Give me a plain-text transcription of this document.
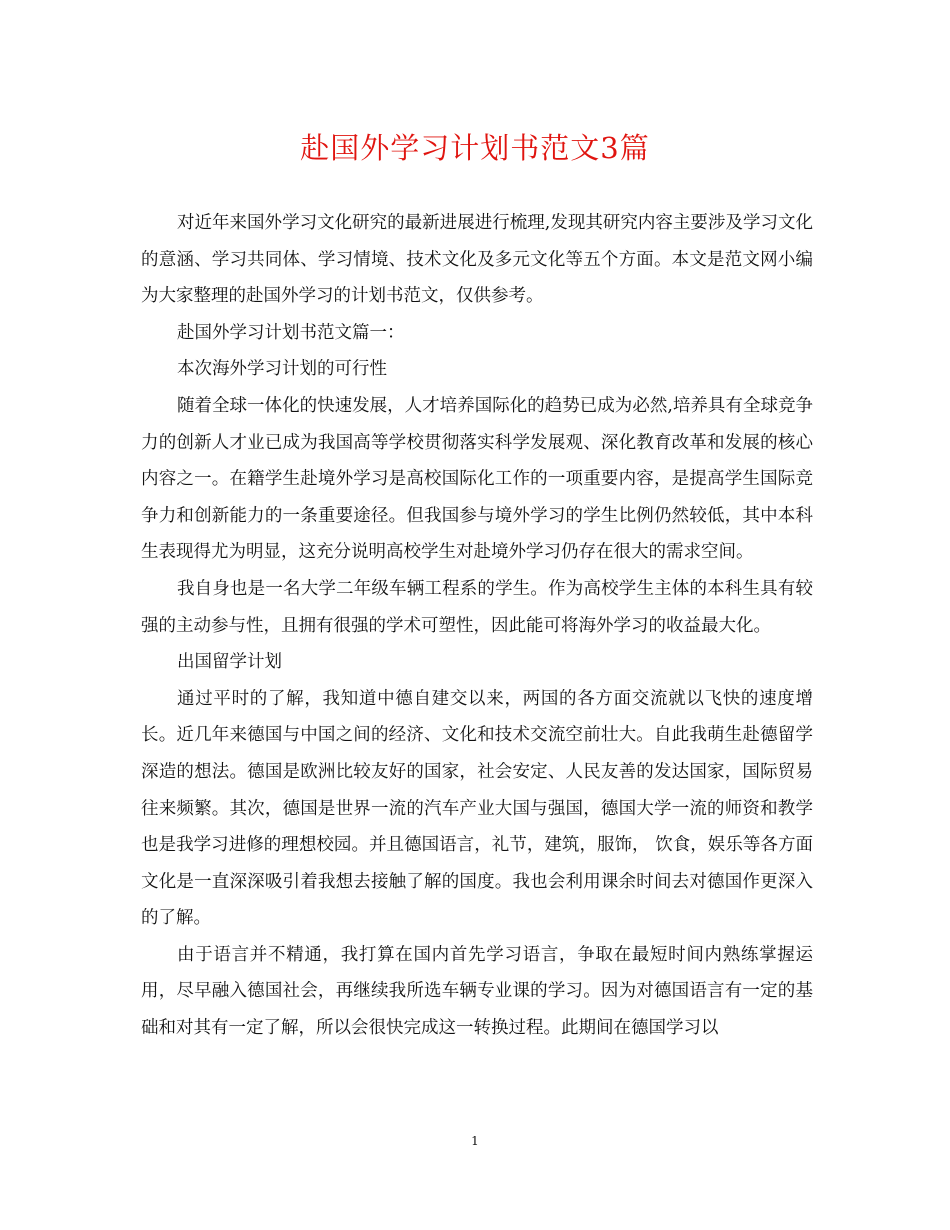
赴国外学习计划书范文3篇

对近年来国外学习文化研究的最新进展进行梳理,发现其研究内容主要涉及学习文化的意涵、学习共同体、学习情境、技术文化及多元文化等五个方面。本文是范文网小编为大家整理的赴国外学习的计划书范文，仅供参考。

赴国外学习计划书范文篇一：

本次海外学习计划的可行性

随着全球一体化的快速发展，人才培养国际化的趋势已成为必然,培养具有全球竞争力的创新人才业已成为我国高等学校贯彻落实科学发展观、深化教育改革和发展的核心内容之一。在籍学生赴境外学习是高校国际化工作的一项重要内容，是提高学生国际竞争力和创新能力的一条重要途径。但我国参与境外学习的学生比例仍然较低，其中本科生表现得尤为明显，这充分说明高校学生对赴境外学习仍存在很大的需求空间。

我自身也是一名大学二年级车辆工程系的学生。作为高校学生主体的本科生具有较强的主动参与性，且拥有很强的学术可塑性，因此能可将海外学习的收益最大化。

出国留学计划

通过平时的了解，我知道中德自建交以来，两国的各方面交流就以飞快的速度增长。近几年来德国与中国之间的经济、文化和技术交流空前壮大。自此我萌生赴德留学深造的想法。德国是欧洲比较友好的国家，社会安定、人民友善的发达国家，国际贸易往来频繁。其次，德国是世界一流的汽车产业大国与强国，德国大学一流的师资和教学也是我学习进修的理想校园。并且德国语言，礼节，建筑，服饰， 饮食，娱乐等各方面文化是一直深深吸引着我想去接触了解的国度。我也会利用课余时间去对德国作更深入的了解。

由于语言并不精通，我打算在国内首先学习语言，争取在最短时间内熟练掌握运用，尽早融入德国社会，再继续我所选车辆专业课的学习。因为对德国语言有一定的基础和对其有一定了解，所以会很快完成这一转换过程。此期间在德国学习以

1
